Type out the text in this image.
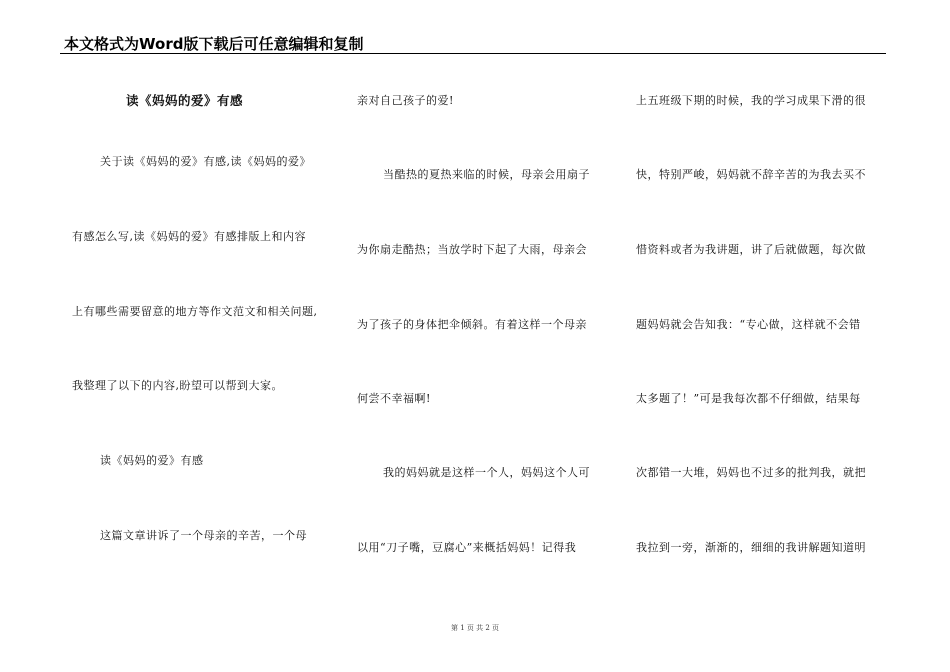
本文格式为Word版下载后可任意编辑和复制
读《妈妈的爱》有感
关于读《妈妈的爱》有感,读《妈妈的爱》
有感怎么写,读《妈妈的爱》有感排版上和内容
上有哪些需要留意的地方等作文范文和相关问题,
我整理了以下的内容,盼望可以帮到大家。
读《妈妈的爱》有感
这篇文章讲诉了一个母亲的辛苦，一个母
亲对自己孩子的爱!
当酷热的夏热来临的时候，母亲会用扇子
为你扇走酷热；当放学时下起了大雨，母亲会
为了孩子的身体把伞倾斜。有着这样一个母亲
何尝不幸福啊!
我的妈妈就是这样一个人，妈妈这个人可
以用“刀子嘴，豆腐心”来概括妈妈！记得我
上五班级下期的时候，我的学习成果下滑的很
快，特别严峻，妈妈就不辞辛苦的为我去买不
惜资料或者为我讲题，讲了后就做题，每次做
题妈妈就会告知我：“专心做，这样就不会错
太多题了！”可是我每次都不仔细做，结果每
次都错一大堆，妈妈也不过多的批判我，就把
我拉到一旁，渐渐的，细细的我讲解题知道明
第 1 页 共 2 页
